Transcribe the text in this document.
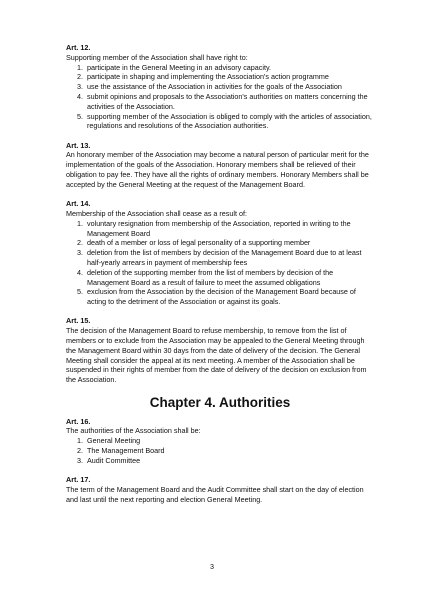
Art. 12.

Supporting member of the Association shall have right to:

1. participate in the General Meeting in an advisory capacity.
2. participate in shaping and implementing the Association's action programme
3. use the assistance of the Association in activities for the goals of the Association
4. submit opinions and proposals to the Association's authorities on matters concerning the activities of the Association.
5. supporting member of the Association is obliged to comply with the articles of association, regulations and resolutions of the Association authorities.

Art. 13.

An honorary member of the Association may become a natural person of particular merit for the implementation of the goals of the Association. Honorary members shall be relieved of their obligation to pay fee. They have all the rights of ordinary members. Honorary Members shall be accepted by the General Meeting at the request of the Management Board.

Art. 14.

Membership of the Association shall cease as a result of:

1. voluntary resignation from membership of the Association, reported in writing to the Management Board
2. death of a member or loss of legal personality of a supporting member
3. deletion from the list of members by decision of the Management Board due to at least half-yearly arrears in payment of membership fees
4. deletion of the supporting member from the list of members by decision of the Management Board as a result of failure to meet the assumed obligations
5. exclusion from the Association by the decision of the Management Board because of acting to the detriment of the Association or against its goals.

Art. 15.

The decision of the Management Board to refuse membership, to remove from the list of members or to exclude from the Association may be appealed to the General Meeting through the Management Board within 30 days from the date of delivery of the decision. The General Meeting shall consider the appeal at its next meeting. A member of the Association shall be suspended in their rights of member from the date of delivery of the decision on exclusion from the Association.

Chapter 4. Authorities

Art. 16.

The authorities of the Association shall be:

1. General Meeting
2. The Management Board
3. Audit Committee

Art. 17.

The term of the Management Board and the Audit Committee shall start on the day of election and last until the next reporting and election General Meeting.

3
